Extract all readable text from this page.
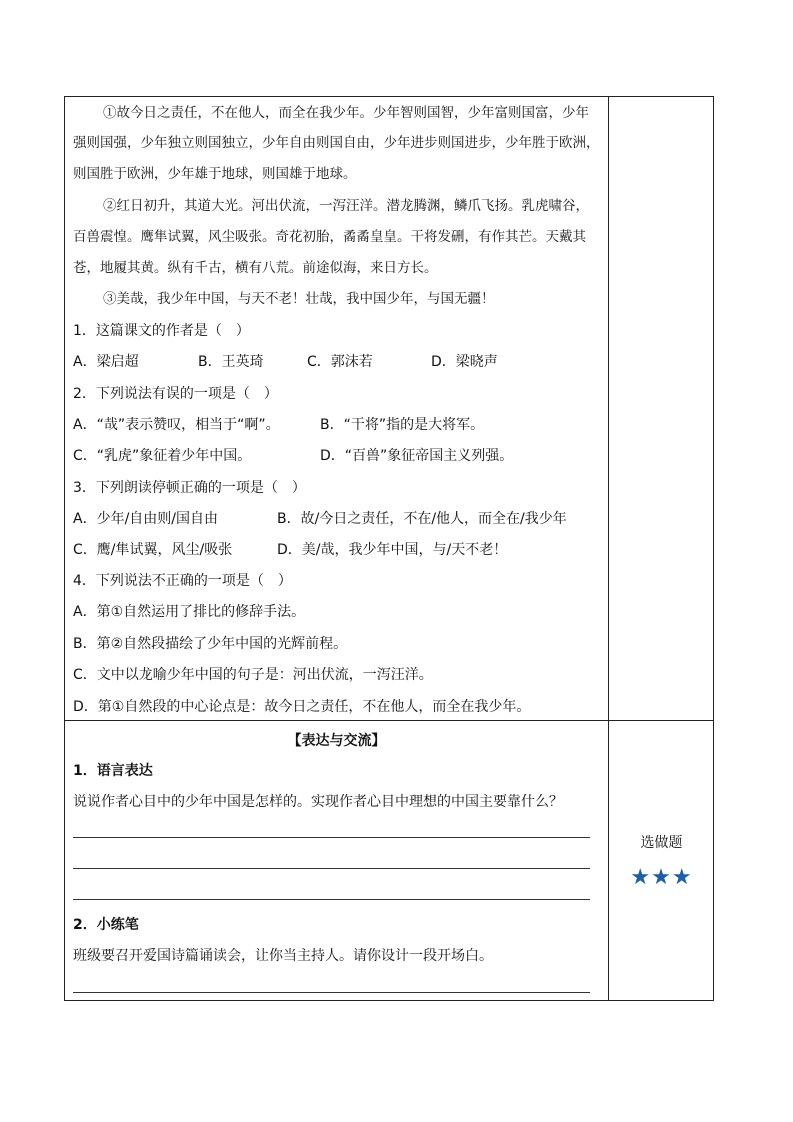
①故今日之责任，不在他人，而全在我少年。少年智则国智，少年富则国富，少年
强则国强，少年独立则国独立，少年自由则国自由，少年进步则国进步，少年胜于欧洲，
则国胜于欧洲，少年雄于地球，则国雄于地球。
②红日初升，其道大光。河出伏流，一泻汪洋。潜龙腾渊，鳞爪飞扬。乳虎啸谷，
百兽震惶。鹰隼试翼，风尘吸张。奇花初胎，矞矞皇皇。干将发硎，有作其芒。天戴其
苍，地履其黄。纵有千古，横有八荒。前途似海，来日方长。
③美哉，我少年中国，与天不老！壮哉，我中国少年，与国无疆！
1．这篇课文的作者是（　）
A．梁启超	B．王英琦	C．郭沫若	D．梁晓声
2．下列说法有误的一项是（　）
A．“哉”表示赞叹，相当于“啊”。	B．“干将”指的是大将军。
C．“乳虎”象征着少年中国。	D．“百兽”象征帝国主义列强。
3．下列朗读停顿正确的一项是（　）
A．少年/自由则/国自由	B．故/今日之责任，不在/他人，而全在/我少年
C．鹰/隼试翼，风尘/吸张	D．美/哉，我少年中国，与/天不老！
4．下列说法不正确的一项是（　）
A．第①自然运用了排比的修辞手法。
B．第②自然段描绘了少年中国的光辉前程。
C．文中以龙喻少年中国的句子是：河出伏流，一泻汪洋。
D．第①自然段的中心论点是：故今日之责任，不在他人，而全在我少年。
【表达与交流】
1．语言表达
说说作者心目中的少年中国是怎样的。实现作者心目中理想的中国主要靠什么？
2．小练笔
班级要召开爱国诗篇诵读会，让你当主持人。请你设计一段开场白。
选做题
★★★
